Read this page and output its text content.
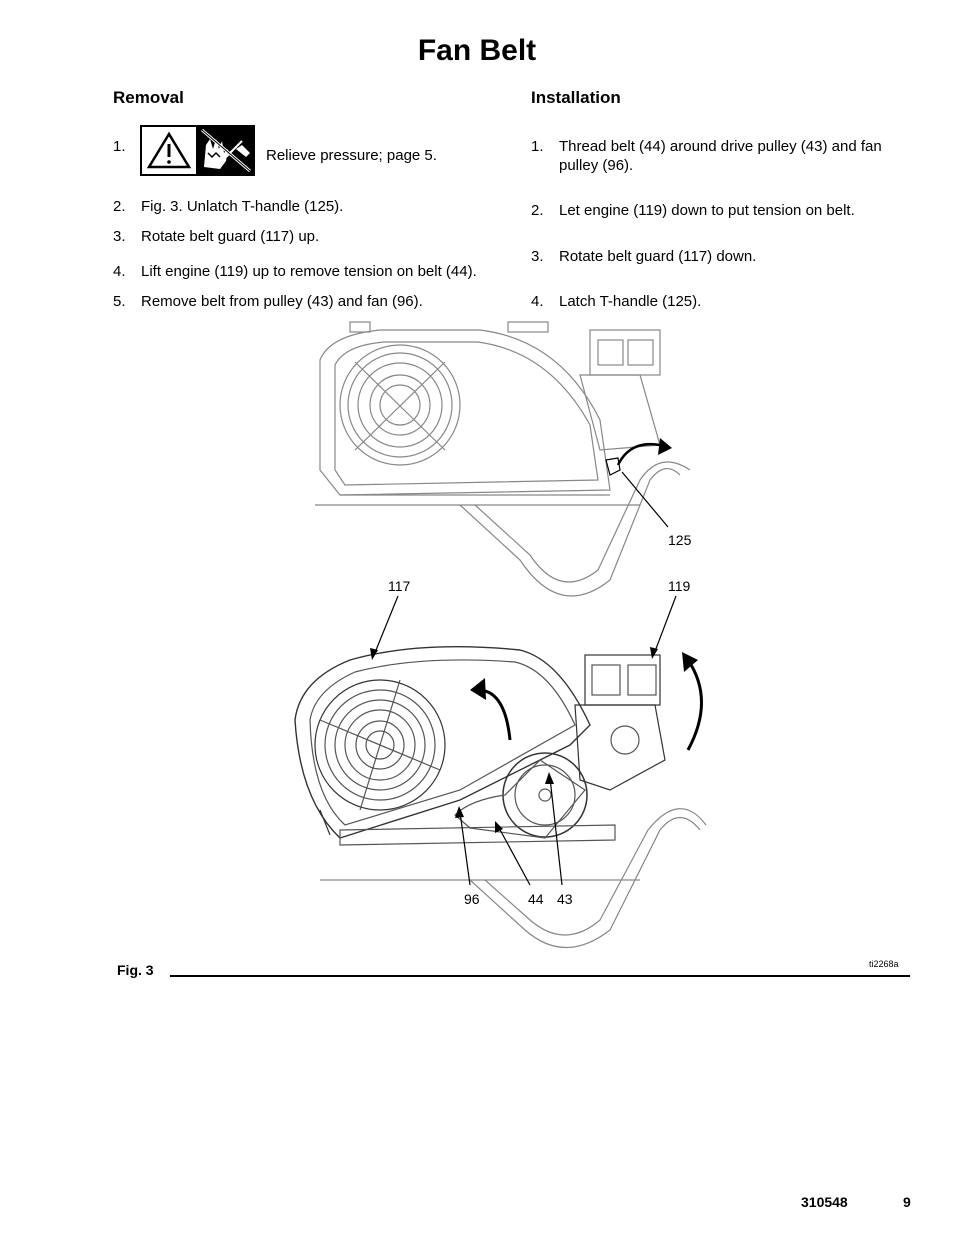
Fan Belt
Removal
1.
Relieve pressure; page 5.
2. Fig. 3. Unlatch T-handle (125).
3. Rotate belt guard (117) up.
4. Lift engine (119) up to remove tension on belt (44).
5. Remove belt from pulley (43) and fan (96).
Installation
1. Thread belt (44) around drive pulley (43) and fan
pulley (96).
2. Let engine (119) down to put tension on belt.
3. Rotate belt guard (117) down.
4. Latch T-handle (125).
125
117	119
96	44 43
Fig. 3	ti2268a
310548	9
